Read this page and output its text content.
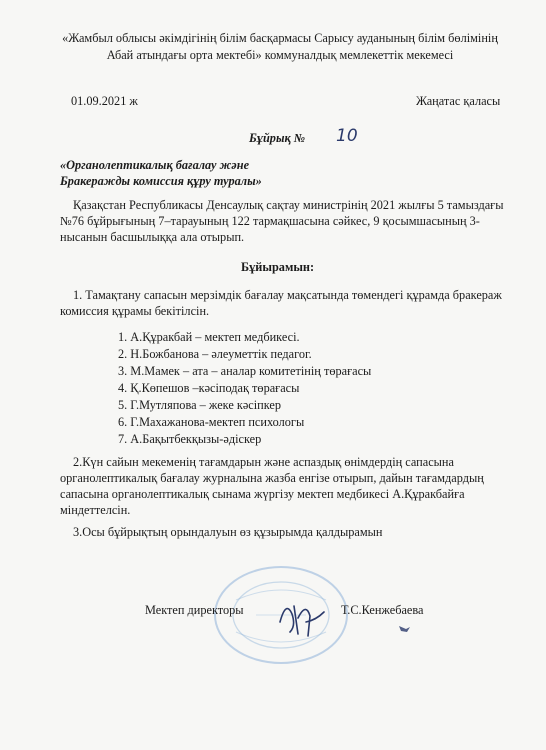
«Жамбыл облысы әкімдігінің білім басқармасы Сарысу ауданының білім бөлімінің
Абай атындағы орта мектебі» коммуналдық мемлекеттік мекемесі
01.09.2021 ж	Жаңатас қаласы
Бұйрық № 10
«Органолептикалық бағалау және
Бракеражды комиссия құру туралы»
Қазақстан Республикасы Денсаулық сақтау министрінің 2021 жылғы 5 тамыздағы
№76 бұйрығының 7–тарауының 122 тармақшасына сәйкес, 9 қосымшасының 3-
нысанын басшылыққа ала отырып.
Бұйырамын:
1. Тамақтану сапасын мерзімдік бағалау мақсатында төмендегі құрамда бракераж
комиссия құрамы бекітілсін.
1. А.Құракбай – мектеп медбикесі.
2. Н.Божбанова – әлеуметтік педагог.
3. М.Мамек – ата – аналар комитетінің төрағасы
4. Қ.Көпешов –кәсіподақ төрағасы
5. Г.Мутляпова – жеке кәсіпкер
6. Г.Махажанова-мектеп психологы
7. А.Бақытбекқызы-әдіскер
2.Күн сайын мекеменің тағамдарын және аспаздық өнімдердің сапасына
органолептикалық бағалау журналына жазба енгізе отырып, дайын тағамдардың
сапасына органолептикалық сынама жүргізу мектеп медбикесі А.Құракбайға
міндеттелсін.
3.Осы бұйрықтың орындалуын өз құзырымда қалдырамын
Мектеп директоры	Т.С.Кенжебаева
